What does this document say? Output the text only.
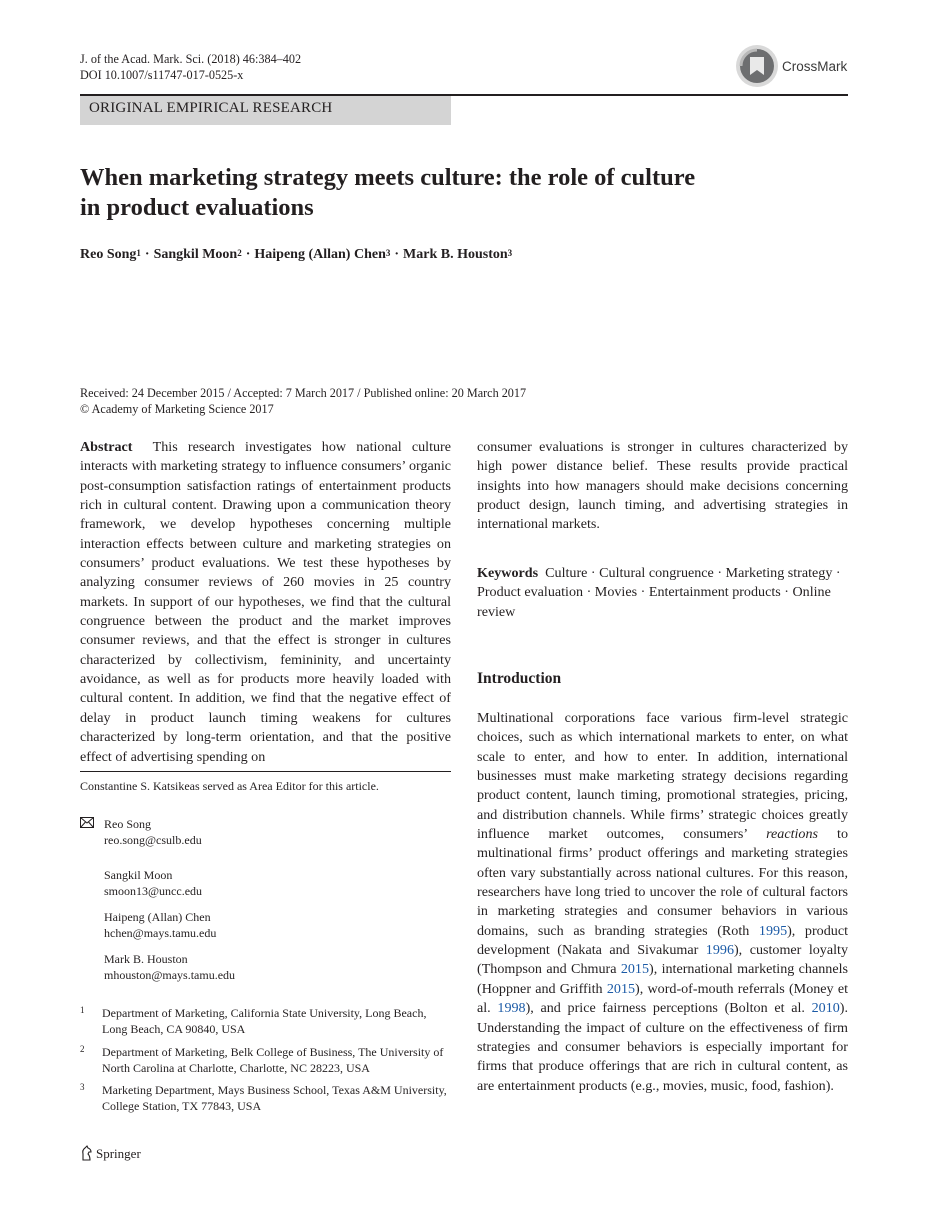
J. of the Acad. Mark. Sci. (2018) 46:384–402
DOI 10.1007/s11747-017-0525-x
CrossMark
ORIGINAL EMPIRICAL RESEARCH
When marketing strategy meets culture: the role of culture in product evaluations
Reo Song$^1$ · Sangkil Moon$^2$ · Haipeng (Allan) Chen$^3$ · Mark B. Houston$^3$
Received: 24 December 2015 / Accepted: 7 March 2017 / Published online: 20 March 2017
© Academy of Marketing Science 2017
Abstract This research investigates how national culture interacts with marketing strategy to influence consumers’ organic post-consumption satisfaction ratings of entertainment products rich in cultural content. Drawing upon a communication theory framework, we develop hypotheses concerning multiple interaction effects between culture and marketing strategies on consumers’ product evaluations. We test these hypotheses by analyzing consumer reviews of 260 movies in 25 country markets. In support of our hypotheses, we find that the cultural congruence between the product and the market improves consumer reviews, and that the effect is stronger in cultures characterized by collectivism, femininity, and uncertainty avoidance, as well as for products more heavily loaded with cultural content. In addition, we find that the negative effect of delay in product launch timing weakens for cultures characterized by long-term orientation, and that the positive effect of advertising spending on
Constantine S. Katsikeas served as Area Editor for this article.
Reo Song
reo.song@csulb.edu
Sangkil Moon
smoon13@uncc.edu
Haipeng (Allan) Chen
hchen@mays.tamu.edu
Mark B. Houston
mhouston@mays.tamu.edu
1 Department of Marketing, California State University, Long Beach, Long Beach, CA 90840, USA
2 Department of Marketing, Belk College of Business, The University of North Carolina at Charlotte, Charlotte, NC 28223, USA
3 Marketing Department, Mays Business School, Texas A&M University, College Station, TX 77843, USA
consumer evaluations is stronger in cultures characterized by high power distance belief. These results provide practical insights into how managers should make decisions concerning product design, launch timing, and advertising strategies in international markets.
Keywords Culture · Cultural congruence · Marketing strategy · Product evaluation · Movies · Entertainment products · Online review
Introduction
Multinational corporations face various firm-level strategic choices, such as which international markets to enter, on what scale to enter, and how to enter. In addition, international businesses must make marketing strategy decisions regarding product content, launch timing, promotional strategies, pricing, and distribution channels. While firms’ strategic choices greatly influence market outcomes, consumers’ reactions to multinational firms’ product offerings and marketing strategies often vary substantially across national cultures. For this reason, researchers have long tried to uncover the role of cultural factors in marketing strategies and consumer behaviors in various domains, such as branding strategies (Roth 1995), product development (Nakata and Sivakumar 1996), customer loyalty (Thompson and Chmura 2015), international marketing channels (Hoppner and Griffith 2015), word-of-mouth referrals (Money et al. 1998), and price fairness perceptions (Bolton et al. 2010). Understanding the impact of culture on the effectiveness of firm strategies and consumer behaviors is especially important for firms that produce offerings that are rich in cultural content, as are entertainment products (e.g., movies, music, food, fashion).
Springer
